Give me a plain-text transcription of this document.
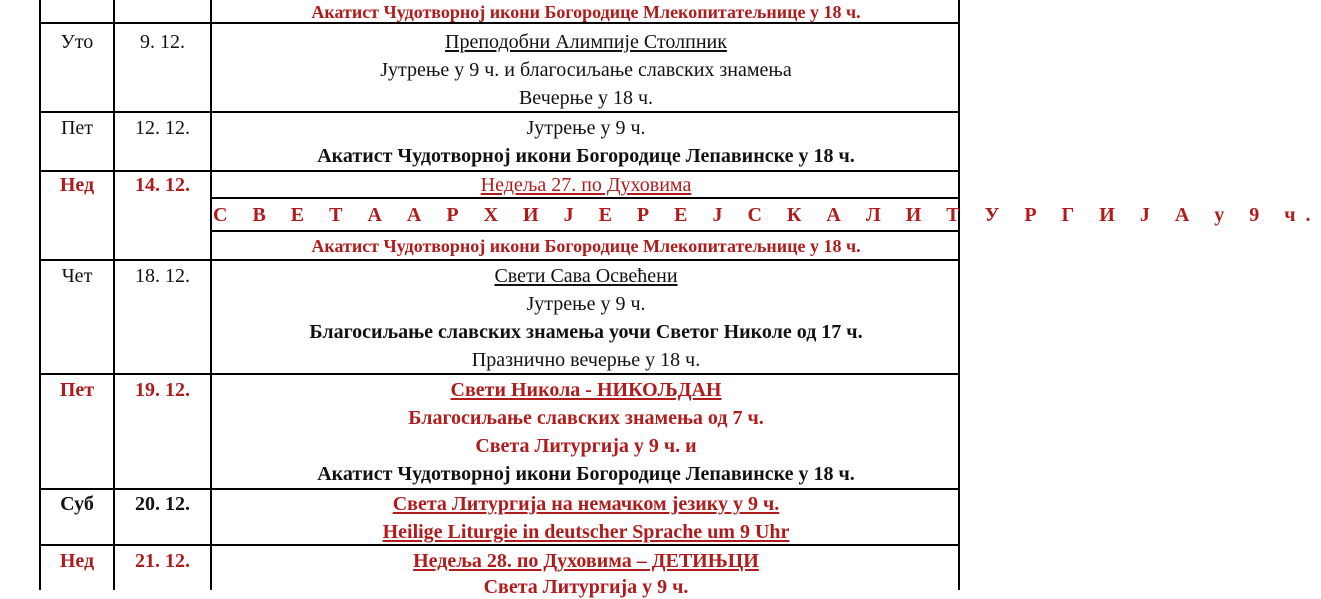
Акатист Чудотворној икони Богородице Млекопитатељнице у 18 ч.
Уто	9. 12.	Преподобни Алимпије Столпник
Јутрење у 9 ч. и благосиљање славских знамења
Вечерње у 18 ч.
Пет	12. 12.	Јутрење у 9 ч.
Акатист Чудотворној икони Богородице Лепавинске у 18 ч.
Нед	14. 12.	Недеља 27. по Духовима
С В Е Т А А Р Х И Ј Е Р Е Ј С К А Л И Т У Р Г И Ј А у 9 ч.
Акатист Чудотворној икони Богородице Млекопитатељнице у 18 ч.
Чет	18. 12.	Свети Сава Освећени
Јутрење у 9 ч.
Благосиљање славских знамења уочи Светог Николе од 17 ч.
Празнично вечерње у 18 ч.
Пет	19. 12.	Свети Никола - НИКОЉДАН
Благосиљање славских знамења од 7 ч.
Света Литургија у 9 ч. и
Акатист Чудотворној икони Богородице Лепавинске у 18 ч.
Суб	20. 12.	Света Литургија на немачком језику у 9 ч.
Heilige Liturgie in deutscher Sprache um 9 Uhr
Нед	21. 12.	Недеља 28. по Духовима – ДЕТИЊЦИ
Света Литургија у 9 ч.
